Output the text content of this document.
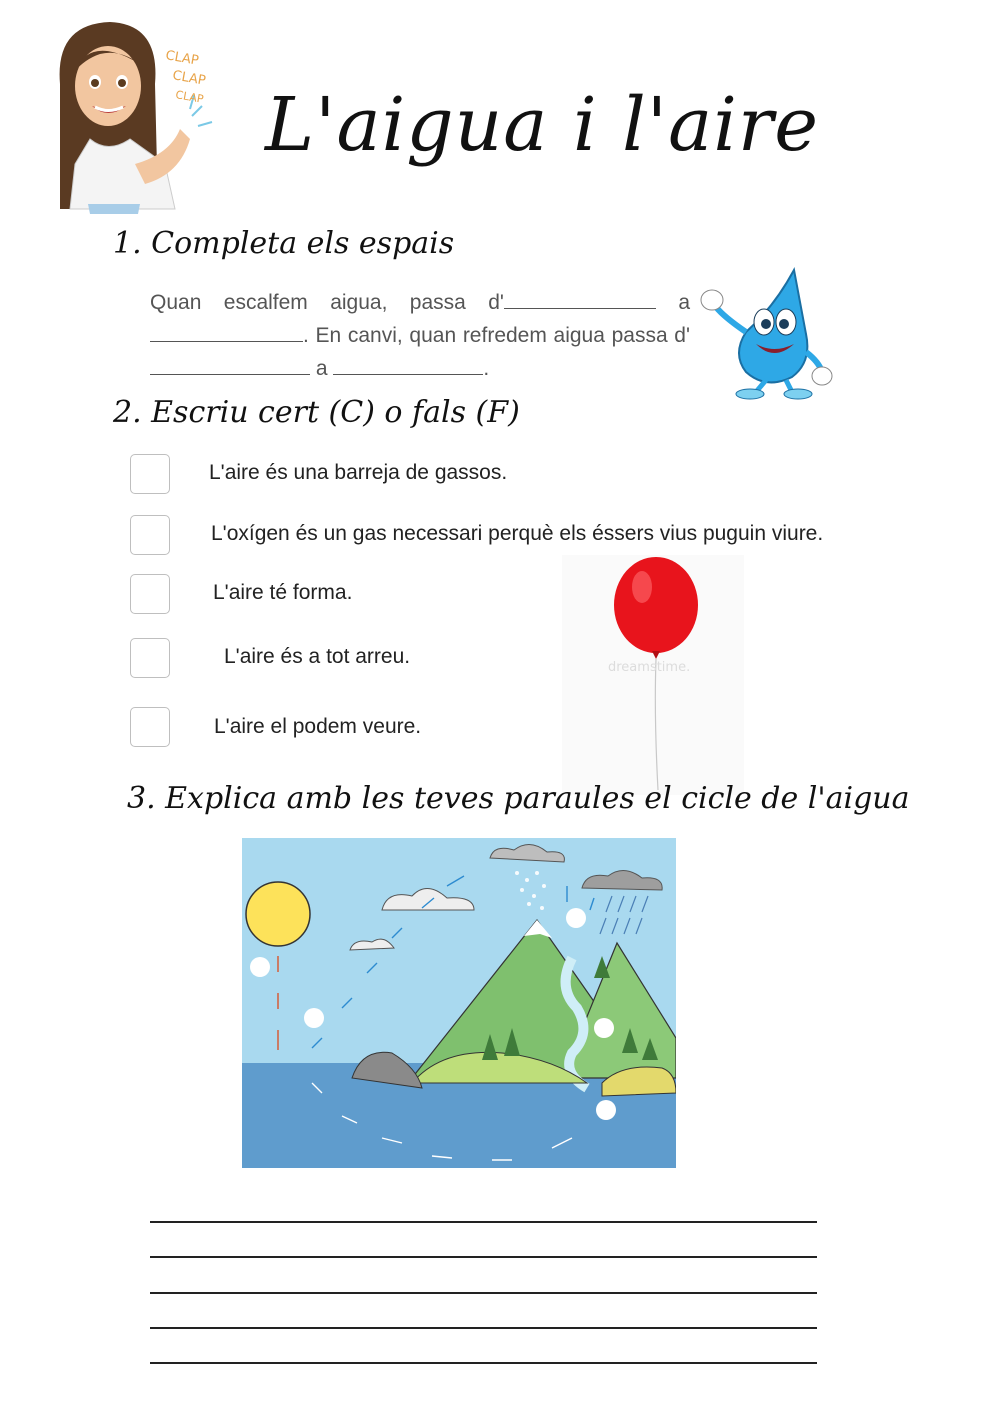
CLAP
CLAP
CLAP L'aigua i l'aire
1. Completa els espais
Quan escalfem aigua, passa d'	a . En canvi, quan refredem aigua passa d' a	.
2. Escriu cert (C) o fals (F)
L'aire és una barreja de gassos.
L'oxígen és un gas necessari perquè els éssers vius puguin viure.
L'aire té forma.
L'aire és a tot arreu.
L'aire el podem veure.
dreamstime.
3. Explica amb les teves paraules el cicle de l'aigua
